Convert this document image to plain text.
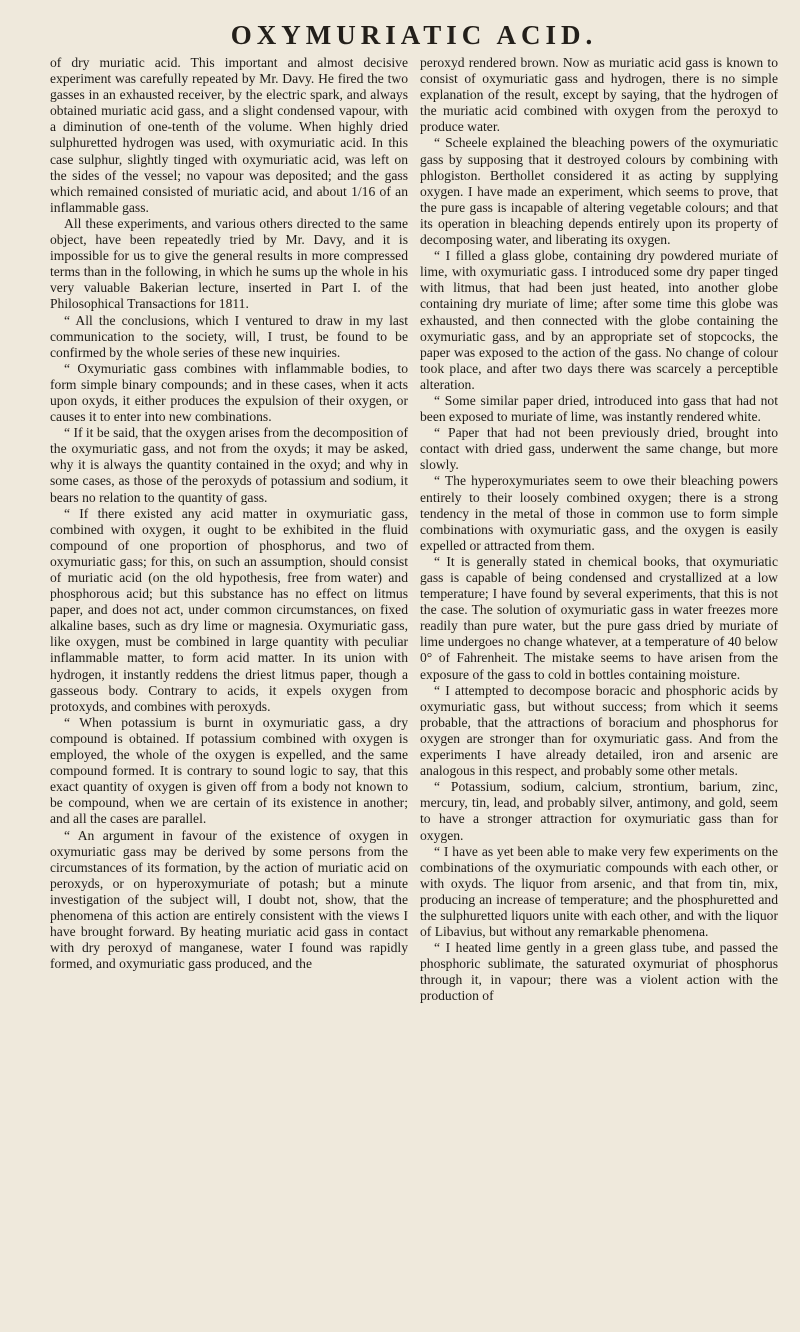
OXYMURIATIC ACID.

of dry muriatic acid. This important and almost decisive experiment was carefully repeated by Mr. Davy. He fired the two gasses in an exhausted receiver, by the electric spark, and always obtained muriatic acid gass, and a slight condensed vapour, with a diminution of one-tenth of the volume. When highly dried sulphuretted hydrogen was used, with oxymuriatic acid. In this case sulphur, slightly tinged with oxymuriatic acid, was left on the sides of the vessel; no vapour was deposited; and the gass which remained consisted of muriatic acid, and about 1/16 of an inflammable gass.

All these experiments, and various others directed to the same object, have been repeatedly tried by Mr. Davy, and it is impossible for us to give the general results in more compressed terms than in the following, in which he sums up the whole in his very valuable Bakerian lecture, inserted in Part I. of the Philosophical Transactions for 1811.

“ All the conclusions, which I ventured to draw in my last communication to the society, will, I trust, be found to be confirmed by the whole series of these new inquiries.

“ Oxymuriatic gass combines with inflammable bodies, to form simple binary compounds; and in these cases, when it acts upon oxyds, it either produces the expulsion of their oxygen, or causes it to enter into new combinations.

“ If it be said, that the oxygen arises from the decomposition of the oxymuriatic gass, and not from the oxyds; it may be asked, why it is always the quantity contained in the oxyd; and why in some cases, as those of the peroxyds of potassium and sodium, it bears no relation to the quantity of gass.

“ If there existed any acid matter in oxymuriatic gass, combined with oxygen, it ought to be exhibited in the fluid compound of one proportion of phosphorus, and two of oxymuriatic gass; for this, on such an assumption, should consist of muriatic acid (on the old hypothesis, free from water) and phosphorous acid; but this substance has no effect on litmus paper, and does not act, under common circumstances, on fixed alkaline bases, such as dry lime or magnesia. Oxymuriatic gass, like oxygen, must be combined in large quantity with peculiar inflammable matter, to form acid matter. In its union with hydrogen, it instantly reddens the driest litmus paper, though a gasseous body. Contrary to acids, it expels oxygen from protoxyds, and combines with peroxyds.

“ When potassium is burnt in oxymuriatic gass, a dry compound is obtained. If potassium combined with oxygen is employed, the whole of the oxygen is expelled, and the same compound formed. It is contrary to sound logic to say, that this exact quantity of oxygen is given off from a body not known to be compound, when we are certain of its existence in another; and all the cases are parallel.

“ An argument in favour of the existence of oxygen in oxymuriatic gass may be derived by some persons from the circumstances of its formation, by the action of muriatic acid on peroxyds, or on hyperoxymuriate of potash; but a minute investigation of the subject will, I doubt not, show, that the phenomena of this action are entirely consistent with the views I have brought forward. By heating muriatic acid gass in contact with dry peroxyd of manganese, water I found was rapidly formed, and oxymuriatic gass produced, and the

peroxyd rendered brown. Now as muriatic acid gass is known to consist of oxymuriatic gass and hydrogen, there is no simple explanation of the result, except by saying, that the hydrogen of the muriatic acid combined with oxygen from the peroxyd to produce water.

“ Scheele explained the bleaching powers of the oxymuriatic gass by supposing that it destroyed colours by combining with phlogiston. Berthollet considered it as acting by supplying oxygen. I have made an experiment, which seems to prove, that the pure gass is incapable of altering vegetable colours; and that its operation in bleaching depends entirely upon its property of decomposing water, and liberating its oxygen.

“ I filled a glass globe, containing dry powdered muriate of lime, with oxymuriatic gass. I introduced some dry paper tinged with litmus, that had been just heated, into another globe containing dry muriate of lime; after some time this globe was exhausted, and then connected with the globe containing the oxymuriatic gass, and by an appropriate set of stopcocks, the paper was exposed to the action of the gass. No change of colour took place, and after two days there was scarcely a perceptible alteration.

“ Some similar paper dried, introduced into gass that had not been exposed to muriate of lime, was instantly rendered white.

“ Paper that had not been previously dried, brought into contact with dried gass, underwent the same change, but more slowly.

“ The hyperoxymuriates seem to owe their bleaching powers entirely to their loosely combined oxygen; there is a strong tendency in the metal of those in common use to form simple combinations with oxymuriatic gass, and the oxygen is easily expelled or attracted from them.

“ It is generally stated in chemical books, that oxymuriatic gass is capable of being condensed and crystallized at a low temperature; I have found by several experiments, that this is not the case. The solution of oxymuriatic gass in water freezes more readily than pure water, but the pure gass dried by muriate of lime undergoes no change whatever, at a temperature of 40 below 0° of Fahrenheit. The mistake seems to have arisen from the exposure of the gass to cold in bottles containing moisture.

“ I attempted to decompose boracic and phosphoric acids by oxymuriatic gass, but without success; from which it seems probable, that the attractions of boracium and phosphorus for oxygen are stronger than for oxymuriatic gass. And from the experiments I have already detailed, iron and arsenic are analogous in this respect, and probably some other metals.

“ Potassium, sodium, calcium, strontium, barium, zinc, mercury, tin, lead, and probably silver, antimony, and gold, seem to have a stronger attraction for oxymuriatic gass than for oxygen.

“ I have as yet been able to make very few experiments on the combinations of the oxymuriatic compounds with each other, or with oxyds. The liquor from arsenic, and that from tin, mix, producing an increase of temperature; and the phosphuretted and the sulphuretted liquors unite with each other, and with the liquor of Libavius, but without any remarkable phenomena.

“ I heated lime gently in a green glass tube, and passed the phosphoric sublimate, the saturated oxymuriat of phosphorus through it, in vapour; there was a violent action with the production of
